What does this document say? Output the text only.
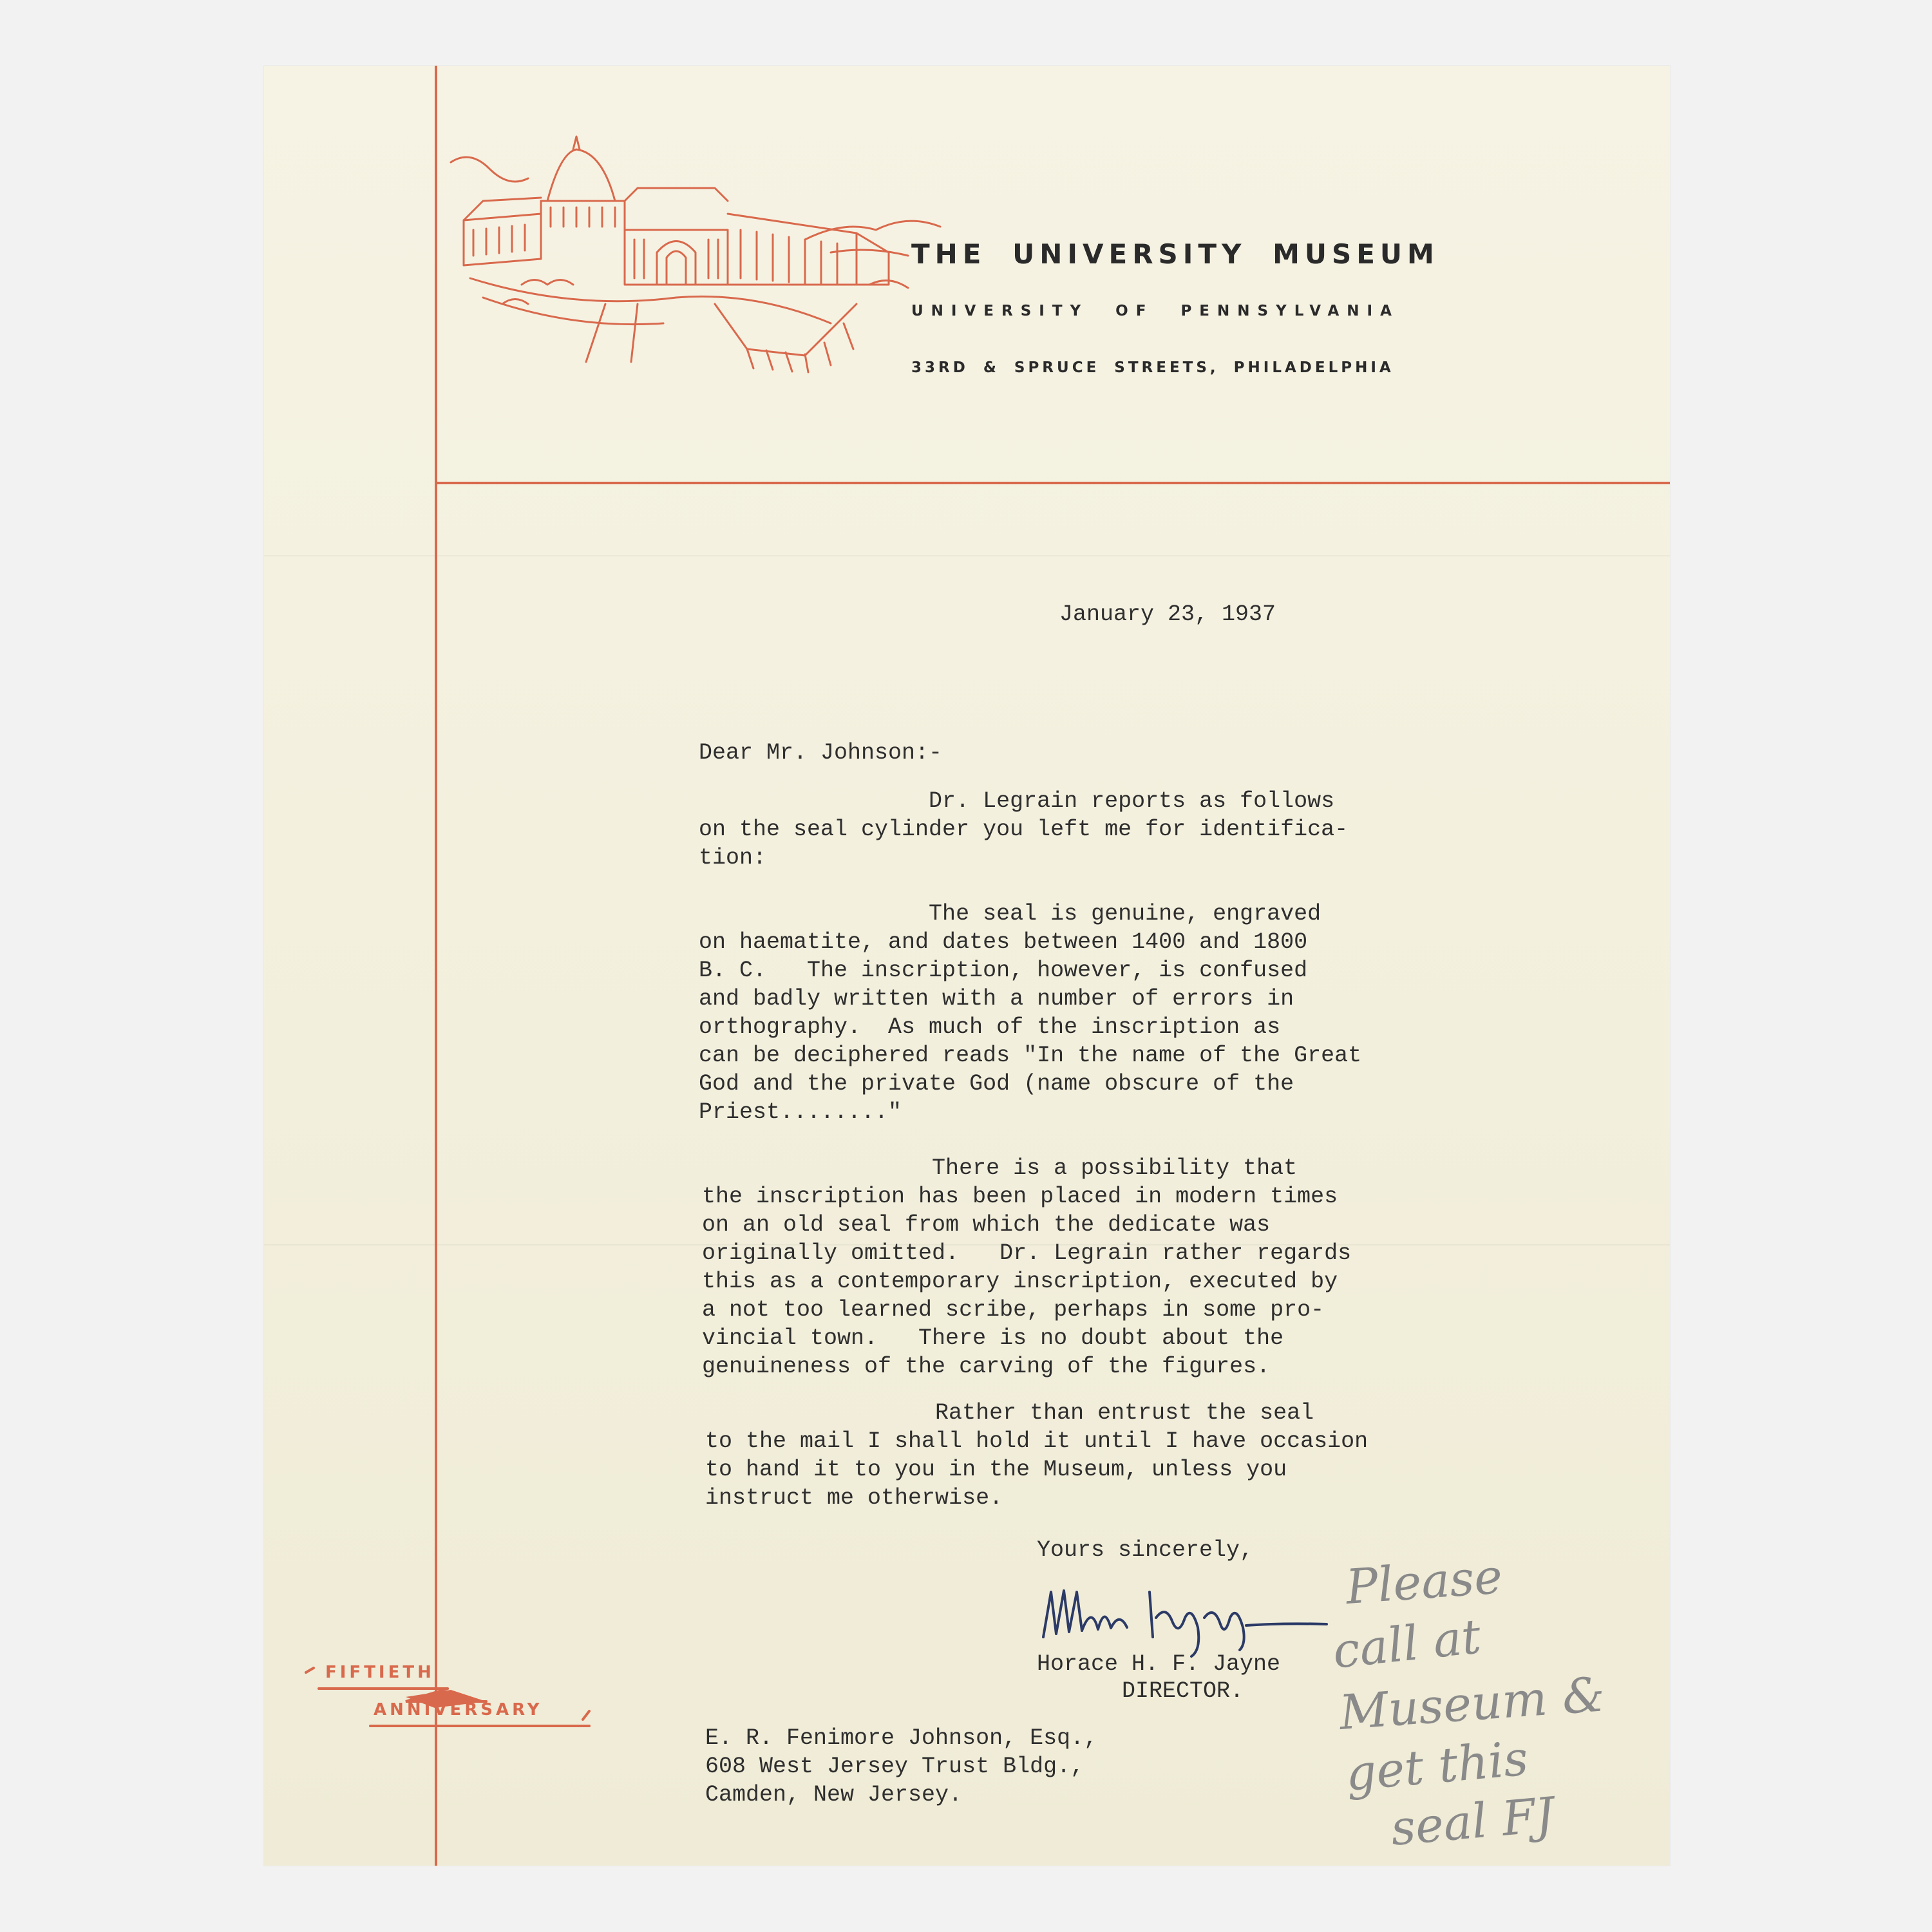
THE UNIVERSITY MUSEUM
UNIVERSITY OF PENNSYLVANIA
33RD & SPRUCE STREETS, PHILADELPHIA
FIFTIETH
ANNIVERSARY
January 23, 1937
Dear Mr. Johnson:-
Dr. Legrain reports as follows
on the seal cylinder you left me for identifica-
tion:
The seal is genuine, engraved
on haematite, and dates between 1400 and 1800
B. C.   The inscription, however, is confused
and badly written with a number of errors in
orthography.  As much of the inscription as
can be deciphered reads "In the name of the Great
God and the private God (name obscure of the
Priest........"
There is a possibility that
the inscription has been placed in modern times
on an old seal from which the dedicate was
originally omitted.   Dr. Legrain rather regards
this as a contemporary inscription, executed by
a not too learned scribe, perhaps in some pro-
vincial town.   There is no doubt about the
genuineness of the carving of the figures.
Rather than entrust the seal
to the mail I shall hold it until I have occasion
to hand it to you in the Museum, unless you
instruct me otherwise.
Yours sincerely,
Horace H. F. Jayne
DIRECTOR.
E. R. Fenimore Johnson, Esq.,
608 West Jersey Trust Bldg.,
Camden, New Jersey.
Please
call at
Museum &
get this
seal FJ
